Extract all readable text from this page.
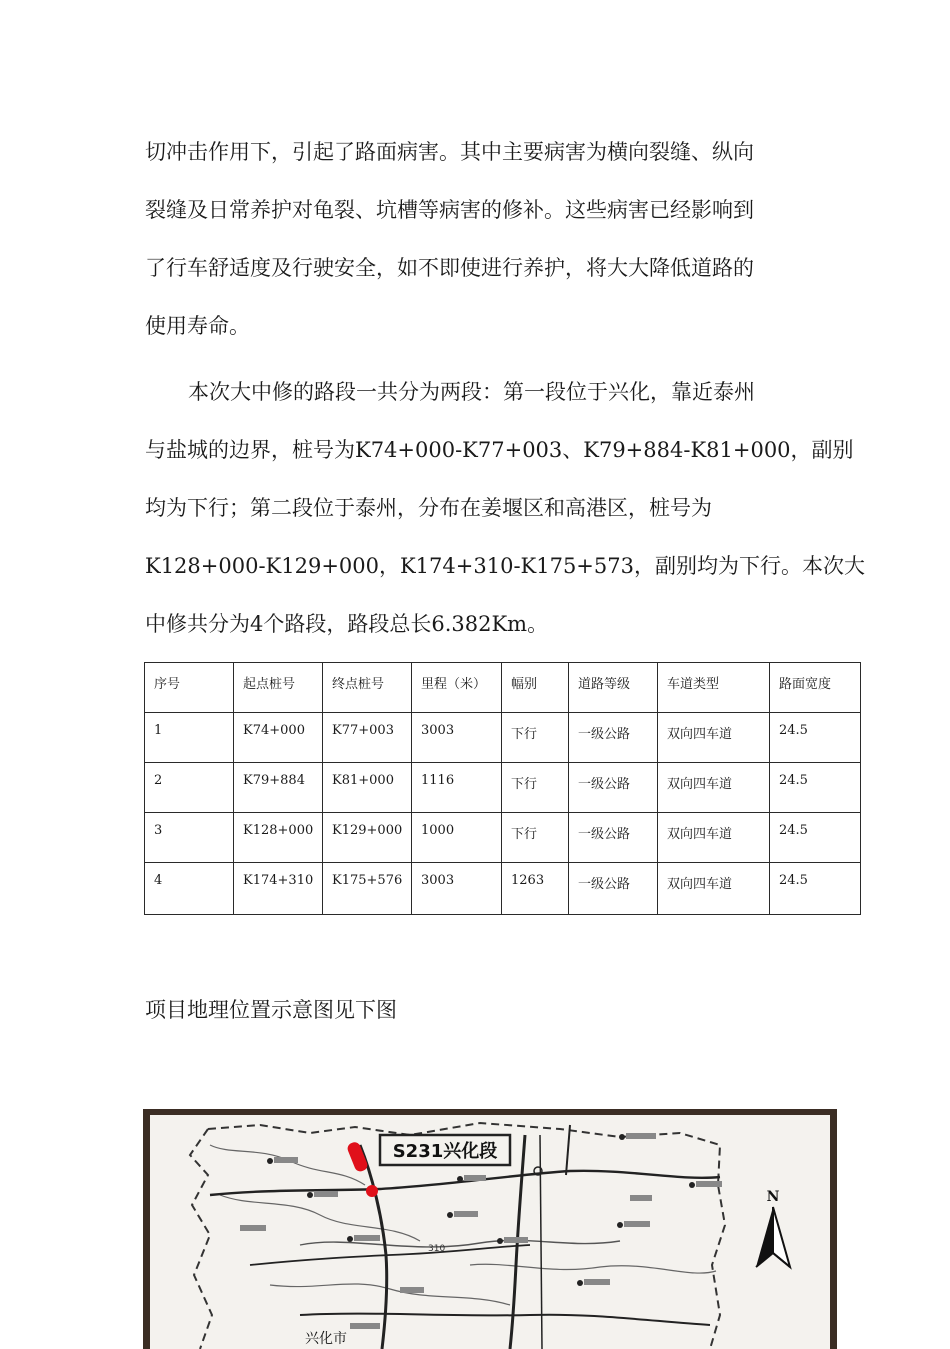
切冲击作用下，引起了路面病害。其中主要病害为横向裂缝、纵向
裂缝及日常养护对龟裂、坑槽等病害的修补。这些病害已经影响到
了行车舒适度及行驶安全，如不即使进行养护，将大大降低道路的
使用寿命。
本次大中修的路段一共分为两段：第一段位于兴化，靠近泰州
与盐城的边界，桩号为K74+000-K77+003、K79+884-K81+000，副别
均为下行；第二段位于泰州，分布在姜堰区和高港区，桩号为
K128+000-K129+000，K174+310-K175+573，副别均为下行。本次大
中修共分为4个路段，路段总长6.382Km。
序号	起点桩号	终点桩号	里程（米）	幅别	道路等级	车道类型	路面宽度
1	K74+000	K77+003	3003	下行	一级公路	双向四车道	24.5
2	K79+884	K81+000	1116	下行	一级公路	双向四车道	24.5
3	K128+000	K129+000	1000	下行	一级公路	双向四车道	24.5
4	K174+310	K175+576	3003	1263	一级公路	双向四车道	24.5

项目地理位置示意图见下图

S231兴化段
310
兴化市
N
